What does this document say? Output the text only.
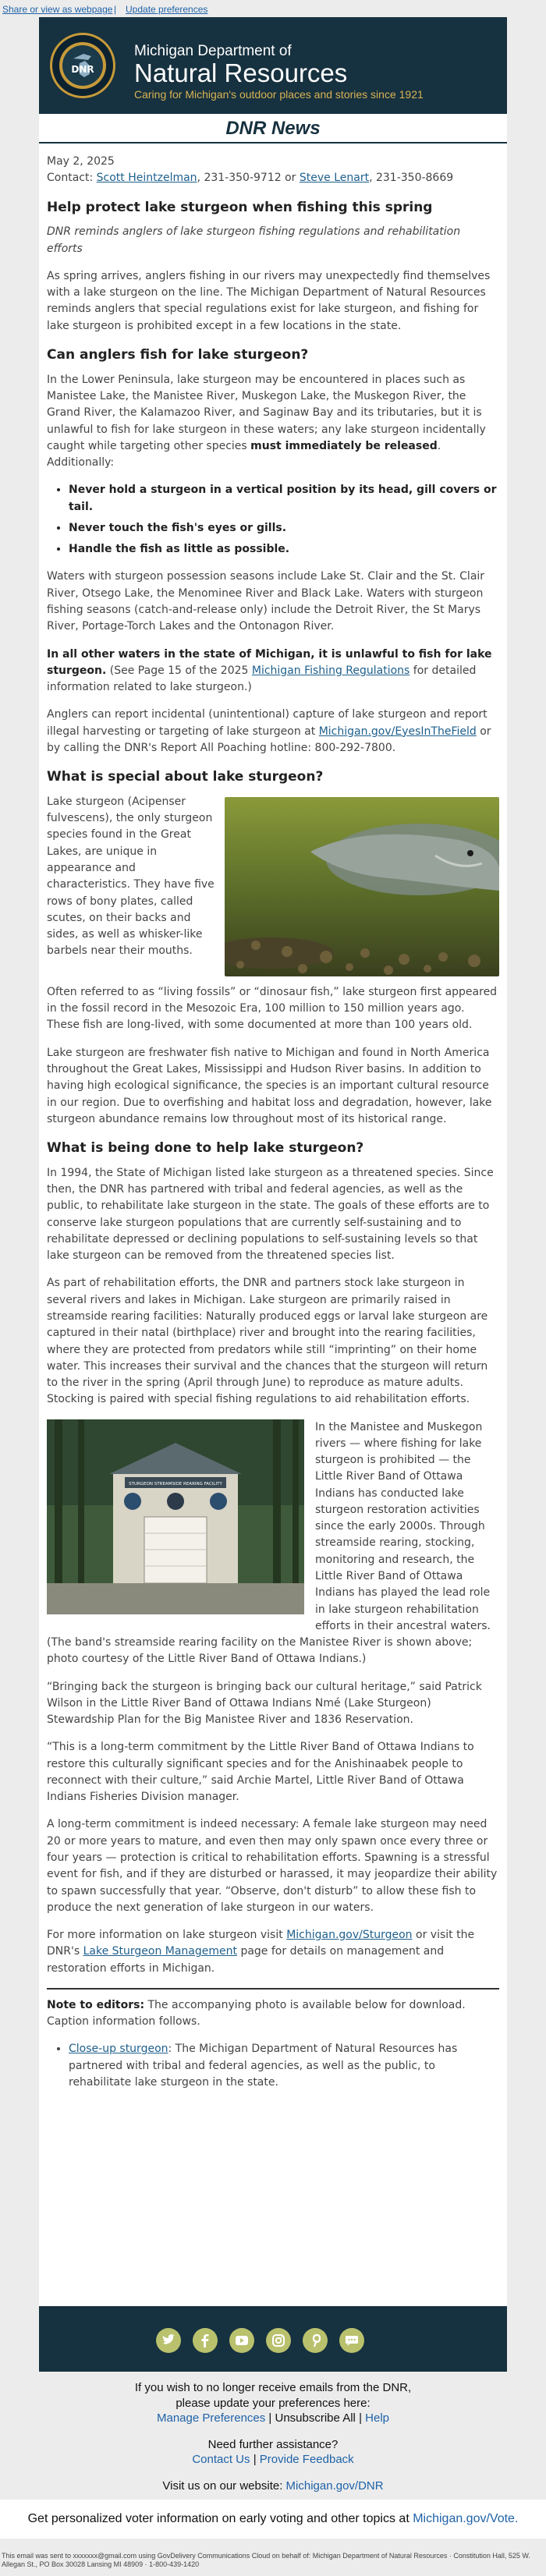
Share or view as webpage Update preferences
|
DNR
Michigan Department of
Natural Resources
Caring for Michigan's outdoor places and stories since 1921
DNR News

May 2, 2025

Contact: Scott Heintzelman, 231-350-9712 or Steve Lenart, 231-350-8669

Help protect lake sturgeon when fishing this spring

DNR reminds anglers of lake sturgeon fishing regulations and rehabilitation efforts

As spring arrives, anglers fishing in our rivers may unexpectedly find themselves with a lake sturgeon on the line. The Michigan Department of Natural Resources reminds anglers that special regulations exist for lake sturgeon, and fishing for lake sturgeon is prohibited except in a few locations in the state.

Can anglers fish for lake sturgeon?

In the Lower Peninsula, lake sturgeon may be encountered in places such as Manistee Lake, the Manistee River, Muskegon Lake, the Muskegon River, the Grand River, the Kalamazoo River, and Saginaw Bay and its tributaries, but it is unlawful to fish for lake sturgeon in these waters; any lake sturgeon incidentally caught while targeting other species must immediately be released. Additionally:

• Never hold a sturgeon in a vertical position by its head, gill covers or tail.
• Never touch the fish's eyes or gills.
• Handle the fish as little as possible.

Waters with sturgeon possession seasons include Lake St. Clair and the St. Clair River, Otsego Lake, the Menominee River and Black Lake. Waters with sturgeon fishing seasons (catch-and-release only) include the Detroit River, the St Marys River, Portage-Torch Lakes and the Ontonagon River.

In all other waters in the state of Michigan, it is unlawful to fish for lake sturgeon. (See Page 15 of the 2025 Michigan Fishing Regulations for detailed information related to lake sturgeon.)

Anglers can report incidental (unintentional) capture of lake sturgeon and report illegal harvesting or targeting of lake sturgeon at Michigan.gov/EyesInTheField or by calling the DNR's Report All Poaching hotline: 800-292-7800.

What is special about lake sturgeon?

Lake sturgeon (Acipenser fulvescens), the only sturgeon species found in the Great Lakes, are unique in appearance and characteristics. They have five rows of bony plates, called scutes, on their backs and sides, as well as whisker-like barbels near their mouths.

Often referred to as “living fossils” or “dinosaur fish,” lake sturgeon first appeared in the fossil record in the Mesozoic Era, 100 million to 150 million years ago. These fish are long-lived, with some documented at more than 100 years old.

Lake sturgeon are freshwater fish native to Michigan and found in North America throughout the Great Lakes, Mississippi and Hudson River basins. In addition to having high ecological significance, the species is an important cultural resource in our region. Due to overfishing and habitat loss and degradation, however, lake sturgeon abundance remains low throughout most of its historical range.

What is being done to help lake sturgeon?

In 1994, the State of Michigan listed lake sturgeon as a threatened species. Since then, the DNR has partnered with tribal and federal agencies, as well as the public, to rehabilitate lake sturgeon in the state. The goals of these efforts are to conserve lake sturgeon populations that are currently self-sustaining and to rehabilitate depressed or declining populations to self-sustaining levels so that lake sturgeon can be removed from the threatened species list.

As part of rehabilitation efforts, the DNR and partners stock lake sturgeon in several rivers and lakes in Michigan. Lake sturgeon are primarily raised in streamside rearing facilities: Naturally produced eggs or larval lake sturgeon are captured in their natal (birthplace) river and brought into the rearing facilities, where they are protected from predators while still “imprinting” on their home water. This increases their survival and the chances that the sturgeon will return to the river in the spring (April through June) to reproduce as mature adults. Stocking is paired with special fishing regulations to aid rehabilitation efforts.

STURGEON STREAMSIDE REARING FACILITY

In the Manistee and Muskegon rivers — where fishing for lake sturgeon is prohibited — the Little River Band of Ottawa Indians has conducted lake sturgeon restoration activities since the early 2000s. Through streamside rearing, stocking, monitoring and research, the Little River Band of Ottawa Indians has played the lead role in lake sturgeon rehabilitation efforts in their ancestral waters. (The band's streamside rearing facility on the Manistee River is shown above; photo courtesy of the Little River Band of Ottawa Indians.)

“Bringing back the sturgeon is bringing back our cultural heritage,” said Patrick Wilson in the Little River Band of Ottawa Indians Nmé (Lake Sturgeon) Stewardship Plan for the Big Manistee River and 1836 Reservation.

“This is a long-term commitment by the Little River Band of Ottawa Indians to restore this culturally significant species and for the Anishinaabek people to reconnect with their culture,” said Archie Martel, Little River Band of Ottawa Indians Fisheries Division manager.

A long-term commitment is indeed necessary: A female lake sturgeon may need 20 or more years to mature, and even then may only spawn once every three or four years — protection is critical to rehabilitation efforts. Spawning is a stressful event for fish, and if they are disturbed or harassed, it may jeopardize their ability to spawn successfully that year. “Observe, don't disturb” to allow these fish to produce the next generation of lake sturgeon in our waters.

For more information on lake sturgeon visit Michigan.gov/Sturgeon or visit the DNR's Lake Sturgeon Management page for details on management and restoration efforts in Michigan.

Note to editors: The accompanying photo is available below for download. Caption information follows.

• Close-up sturgeon: The Michigan Department of Natural Resources has partnered with tribal and federal agencies, as well as the public, to rehabilitate lake sturgeon in the state.
If you wish to no longer receive emails from the DNR,
please update your preferences here:
Manage Preferences | Unsubscribe All | Help
Need further assistance?
Contact Us | Provide Feedback
Visit us on our website: Michigan.gov/DNR
Get personalized voter information on early voting and other topics at Michigan.gov/Vote.
This email was sent to xxxxxxx@gmail.com using GovDelivery Communications Cloud on behalf of: Michigan Department of Natural Resources · Constitution Hall, 525 W. Allegan St., PO Box 30028 Lansing MI 48909 · 1-800-439-1420
